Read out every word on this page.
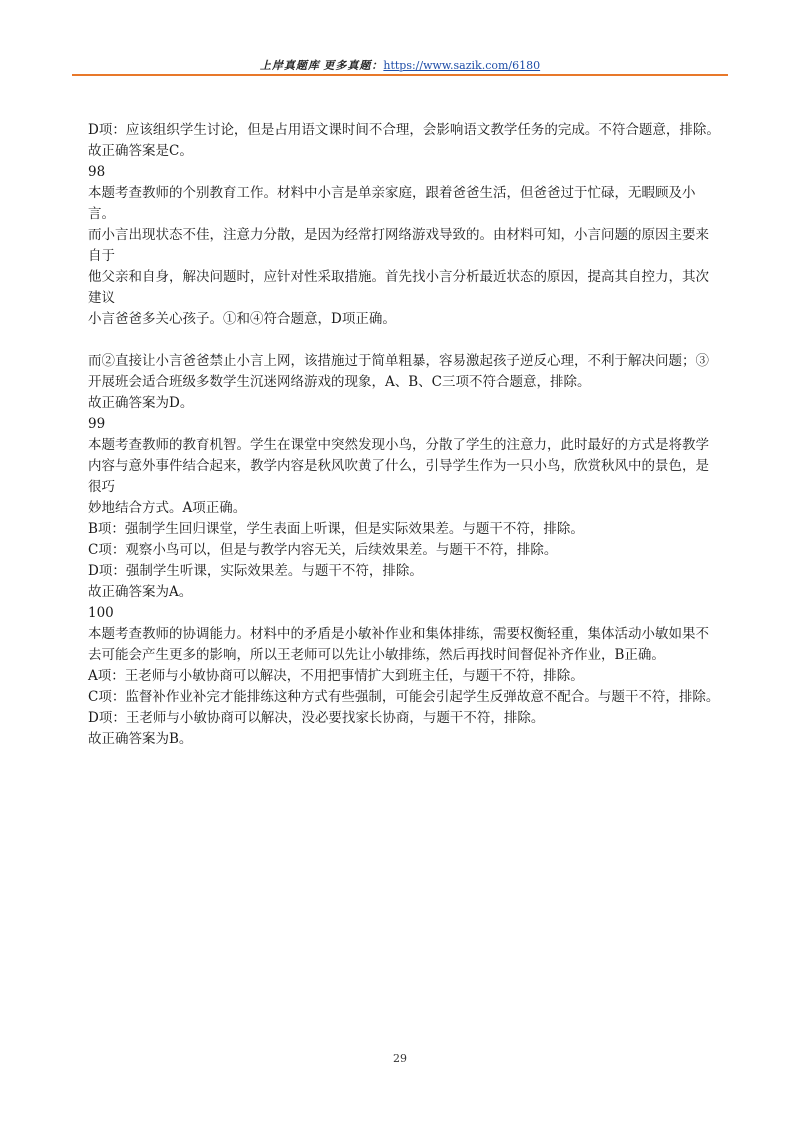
上岸真题库 更多真题：https://www.sazik.com/6180

D项：应该组织学生讨论，但是占用语文课时间不合理，会影响语文教学任务的完成。不符合题意，排除。

故正确答案是C。

98

本题考查教师的个别教育工作。材料中小言是单亲家庭，跟着爸爸生活，但爸爸过于忙碌，无暇顾及小言。

而小言出现状态不佳，注意力分散，是因为经常打网络游戏导致的。由材料可知，小言问题的原因主要来自于

他父亲和自身，解决问题时，应针对性采取措施。首先找小言分析最近状态的原因，提高其自控力，其次建议

小言爸爸多关心孩子。①和④符合题意，D项正确。

而②直接让小言爸爸禁止小言上网，该措施过于简单粗暴，容易激起孩子逆反心理，不利于解决问题；③

开展班会适合班级多数学生沉迷网络游戏的现象，A、B、C三项不符合题意，排除。

故正确答案为D。

99

本题考查教师的教育机智。学生在课堂中突然发现小鸟，分散了学生的注意力，此时最好的方式是将教学

内容与意外事件结合起来，教学内容是秋风吹黄了什么，引导学生作为一只小鸟，欣赏秋风中的景色，是很巧

妙地结合方式。A项正确。

B项：强制学生回归课堂，学生表面上听课，但是实际效果差。与题干不符，排除。

C项：观察小鸟可以，但是与教学内容无关，后续效果差。与题干不符，排除。

D项：强制学生听课，实际效果差。与题干不符，排除。

故正确答案为A。

100

本题考查教师的协调能力。材料中的矛盾是小敏补作业和集体排练，需要权衡轻重，集体活动小敏如果不

去可能会产生更多的影响，所以王老师可以先让小敏排练，然后再找时间督促补齐作业，B正确。

A项：王老师与小敏协商可以解决，不用把事情扩大到班主任，与题干不符，排除。

C项：监督补作业补完才能排练这种方式有些强制，可能会引起学生反弹故意不配合。与题干不符，排除。

D项：王老师与小敏协商可以解决，没必要找家长协商，与题干不符，排除。

故正确答案为B。

29
